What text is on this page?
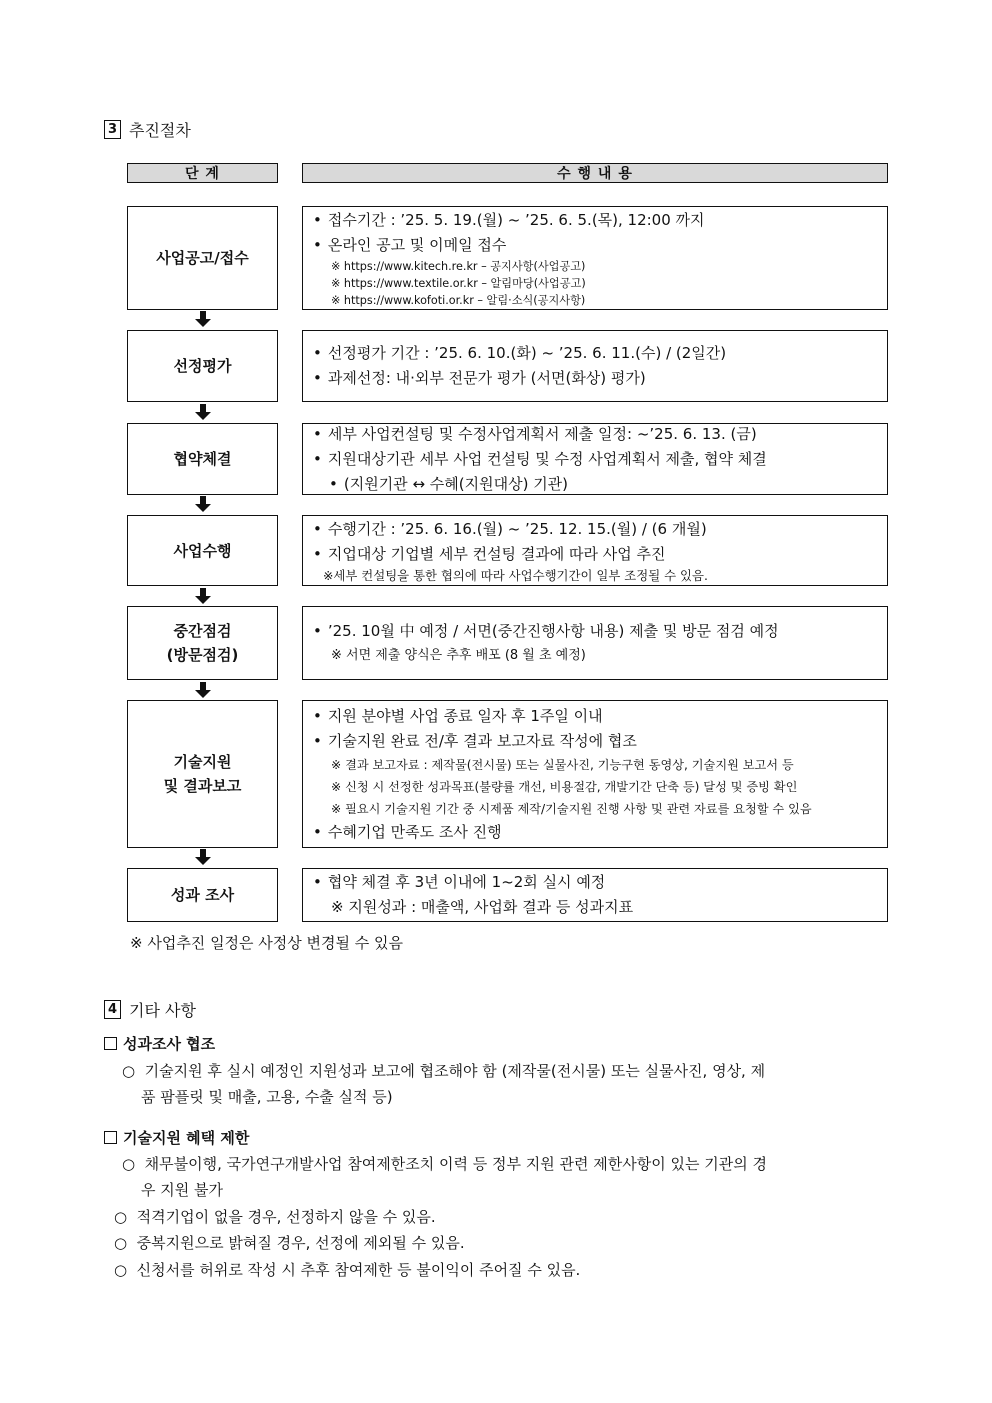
3 추진절차
단 계	수 행 내 용
사업공고/접수
• 접수기간 : ’25. 5. 19.(월) ~ ’25. 6. 5.(목), 12:00 까지
• 온라인 공고 및 이메일 접수
※ https://www.kitech.re.kr – 공지사항(사업공고)
※ https://www.textile.or.kr – 알림마당(사업공고)
※ https://www.kofoti.or.kr – 알림·소식(공지사항)
선정평가
• 선정평가 기간 : ’25. 6. 10.(화) ~ ’25. 6. 11.(수) / (2일간)
• 과제선정: 내·외부 전문가 평가 (서면(화상) 평가)
협약체결
• 세부 사업컨설팅 및 수정사업계획서 제출 일정: ~’25. 6. 13. (금)
• 지원대상기관 세부 사업 컨설팅 및 수정 사업계획서 제출, 협약 체결
• (지원기관 ↔ 수혜(지원대상) 기관)
사업수행
• 수행기간 : ’25. 6. 16.(월) ~ ’25. 12. 15.(월) / (6 개월)
• 지업대상 기업별 세부 컨설팅 결과에 따라 사업 추진
※세부 컨설팅을 통한 협의에 따라 사업수행기간이 일부 조정될 수 있음.
중간점검
(방문점검)
• ’25. 10월 中 예정 / 서면(중간진행사항 내용) 제출 및 방문 점검 예정
※ 서면 제출 양식은 추후 배포 (8 월 초 예정)
기술지원
및 결과보고
• 지원 분야별 사업 종료 일자 후 1주일 이내
• 기술지원 완료 전/후 결과 보고자료 작성에 협조
※ 결과 보고자료 : 제작물(전시물) 또는 실물사진, 기능구현 동영상, 기술지원 보고서 등
※ 신청 시 선정한 성과목표(불량률 개선, 비용절감, 개발기간 단축 등) 달성 및 증빙 확인
※ 필요시 기술지원 기간 중 시제품 제작/기술지원 진행 사항 및 관련 자료를 요청할 수 있음
• 수혜기업 만족도 조사 진행
성과 조사
• 협약 체결 후 3년 이내에 1~2회 실시 예정
※ 지원성과 : 매출액, 사업화 결과 등 성과지표
※ 사업추진 일정은 사정상 변경될 수 있음
4 기타 사항
성과조사 협조
○ 기술지원 후 실시 예정인 지원성과 보고에 협조해야 함 (제작물(전시물) 또는 실물사진, 영상, 제
품 팜플릿 및 매출, 고용, 수출 실적 등)
기술지원 혜택 제한
○ 채무불이행, 국가연구개발사업 참여제한조치 이력 등 정부 지원 관련 제한사항이 있는 기관의 경
우 지원 불가
○ 적격기업이 없을 경우, 선정하지 않을 수 있음.
○ 중복지원으로 밝혀질 경우, 선정에 제외될 수 있음.
○ 신청서를 허위로 작성 시 추후 참여제한 등 불이익이 주어질 수 있음.
